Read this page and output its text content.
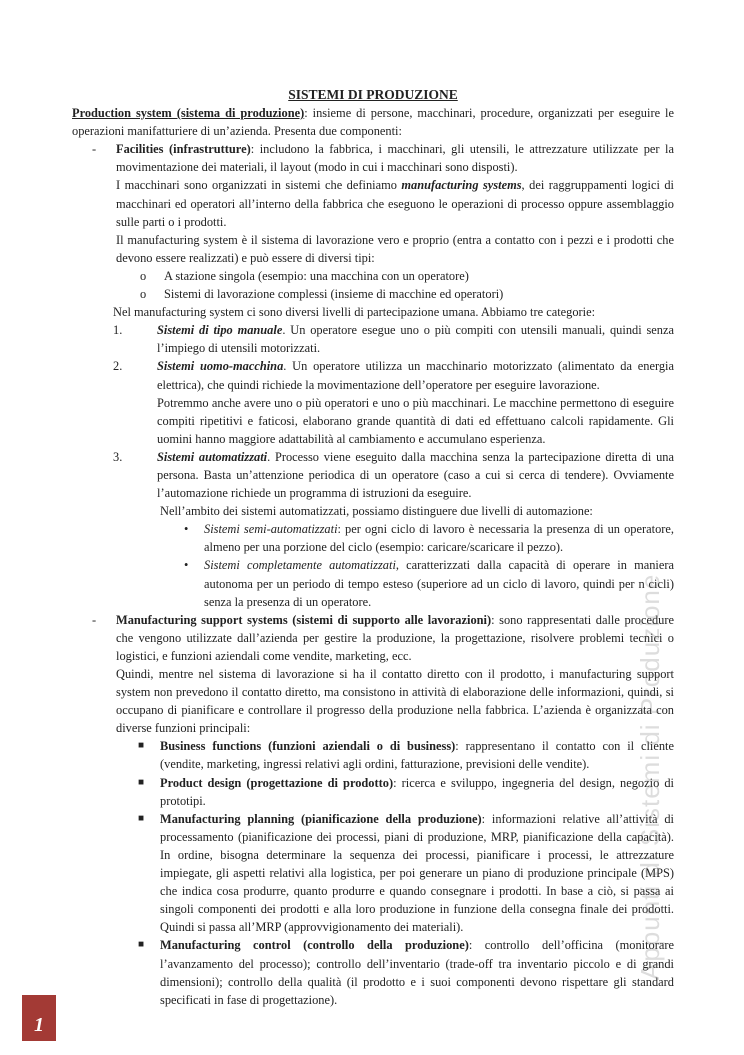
SISTEMI DI PRODUZIONE

Production system (sistema di produzione): insieme di persone, macchinari, procedure, organizzati per eseguire le operazioni manifatturiere di un’azienda. Presenta due componenti:

-	Facilities (infrastrutture): includono la fabbrica, i macchinari, gli utensili, le attrezzature utilizzate per la movimentazione dei materiali, il layout (modo in cui i macchinari sono disposti).

I macchinari sono organizzati in sistemi che definiamo manufacturing systems, dei raggruppamenti logici di macchinari ed operatori all’interno della fabbrica che eseguono le operazioni di processo oppure assemblaggio sulle parti o i prodotti.

Il manufacturing system è il sistema di lavorazione vero e proprio (entra a contatto con i pezzi e i prodotti che devono essere realizzati) e può essere di diversi tipi:

o	A stazione singola (esempio: una macchina con un operatore)
o	Sistemi di lavorazione complessi (insieme di macchine ed operatori)

Nel manufacturing system ci sono diversi livelli di partecipazione umana. Abbiamo tre categorie:

1.	Sistemi di tipo manuale. Un operatore esegue uno o più compiti con utensili manuali, quindi senza l’impiego di utensili motorizzati.

2.	Sistemi uomo-macchina. Un operatore utilizza un macchinario motorizzato (alimentato da energia elettrica), che quindi richiede la movimentazione dell’operatore per eseguire lavorazione.

Potremmo anche avere uno o più operatori e uno o più macchinari. Le macchine permettono di eseguire compiti ripetitivi e faticosi, elaborano grande quantità di dati ed effettuano calcoli rapidamente. Gli uomini hanno maggiore adattabilità al cambiamento e accumulano esperienza.

3.	Sistemi automatizzati. Processo viene eseguito dalla macchina senza la partecipazione diretta di una persona. Basta un’attenzione periodica di un operatore (caso a cui si cerca di tendere). Ovviamente l’automazione richiede un programma di istruzioni da eseguire.

Nell’ambito dei sistemi automatizzati, possiamo distinguere due livelli di automazione:

•	Sistemi semi-automatizzati: per ogni ciclo di lavoro è necessaria la presenza di un operatore, almeno per una porzione del ciclo (esempio: caricare/scaricare il pezzo).

•	Sistemi completamente automatizzati, caratterizzati dalla capacità di operare in maniera autonoma per un periodo di tempo esteso (superiore ad un ciclo di lavoro, quindi per n cicli) senza la presenza di un operatore.

-	Manufacturing support systems (sistemi di supporto alle lavorazioni): sono rappresentati dalle procedure che vengono utilizzate dall’azienda per gestire la produzione, la progettazione, risolvere problemi tecnici o logistici, e funzioni aziendali come vendite, marketing, ecc.

Quindi, mentre nel sistema di lavorazione si ha il contatto diretto con il prodotto, i manufacturing support system non prevedono il contatto diretto, ma consistono in attività di elaborazione delle informazioni, quindi, si occupano di pianificare e controllare il progresso della produzione nella fabbrica. L’azienda è organizzata con diverse funzioni principali:

■	Business functions (funzioni aziendali o di business): rappresentano il contatto con il cliente (vendite, marketing, ingressi relativi agli ordini, fatturazione, previsioni delle vendite).

■	Product design (progettazione di prodotto): ricerca e sviluppo, ingegneria del design, negozio di prototipi.

■	Manufacturing planning (pianificazione della produzione): informazioni relative all’attività di processamento (pianificazione dei processi, piani di produzione, MRP, pianificazione della capacità). In ordine, bisogna determinare la sequenza dei processi, pianificare i processi, le attrezzature impiegate, gli aspetti relativi alla logistica, per poi generare un piano di produzione principale (MPS) che indica cosa produrre, quanto produrre e quando consegnare i prodotti. In base a ciò, si passa ai singoli componenti dei prodotti e alla loro produzione in funzione della consegna finale dei prodotti. Quindi si passa all’MRP (approvvigionamento dei materiali).

■	Manufacturing control (controllo della produzione): controllo dell’officina (monitorare l’avanzamento del processo); controllo dell’inventario (trade-off tra inventario piccolo e di grandi dimensioni); controllo della qualità (il prodotto e i suoi componenti devono rispettare gli standard specificati in fase di progettazione).

Appunti di Sistemi di Produzione
1
